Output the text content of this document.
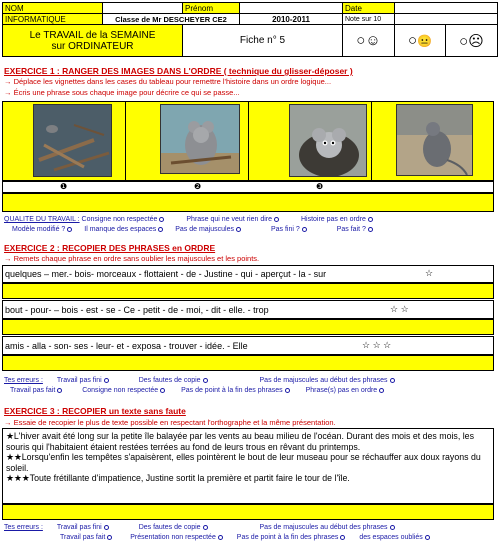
NOM		Prénom		Date		
INFORMATIQUE	Classe de Mr DESCHEYER CE2		2010-2011	Note sur 10		

Le TRAVAIL de la SEMAINE
sur ORDINATEUR		Fiche n° 5		○☺	○😐	○☹
EXERCICE 1 : RANGER DES IMAGES DANS L'ORDRE ( technique du glisser-déposer )
→ Déplace les vignettes dans les cases du tableau pour remettre l'histoire dans un ordre logique...
→ Écris une phrase sous chaque image pour décrire ce qui se passe...
❶	❷	❸
QUALITE DU TRAVAIL : Consigne non respectée	Phrase qui ne veut rien dire	Histoire pas en ordre
Modèle modifié ?	Il manque des espaces	Pas de majuscules	Pas fini ?	Pas fait ?
EXERCICE 2 : RECOPIER DES PHRASES en ORDRE
→ Remets chaque phrase en ordre sans oublier les majuscules et les points.
quelques – mer.- bois- morceaux - flottaient - de - Justine - qui - aperçut - la - sur	☆
bout - pour- – bois - est - se - Ce - petit - de - moi, - dit - elle. - trop	☆ ☆
amis - alla - son- ses - leur- et - exposa - trouver - idée. - Elle	☆ ☆ ☆
Tes erreurs : Travail pas fini	Des fautes de copie	Pas de majuscules au début des phrases
Travail pas fait	Consigne non respectée	Pas de point à la fin des phrases	Phrase(s) pas en ordre
EXERCICE 3 : RECOPIER un texte sans faute
→ Essaie de recopier le plus de texte possible en respectant l'orthographe et la même présentation.
★L'hiver avait été long sur la petite île balayée par les vents au beau milieu de l'océan. Durant des mois et des mois, les souris qui l'habitaient étaient restées terrées au fond de leurs trous en rêvant du printemps.
★★Lorsqu'enfin les tempêtes s'apaisèrent, elles pointèrent le bout de leur museau pour se réchauffer aux doux rayons du soleil.
★★★Toute frétillante d'impatience, Justine sortit la première et partit faire le tour de l'île.
Tes erreurs : Travail pas fini	Des fautes de copie	Pas de majuscules au début des phrases
Travail pas fait	Présentation non respectée	Pas de point à la fin des phrases	des espaces oubliés
